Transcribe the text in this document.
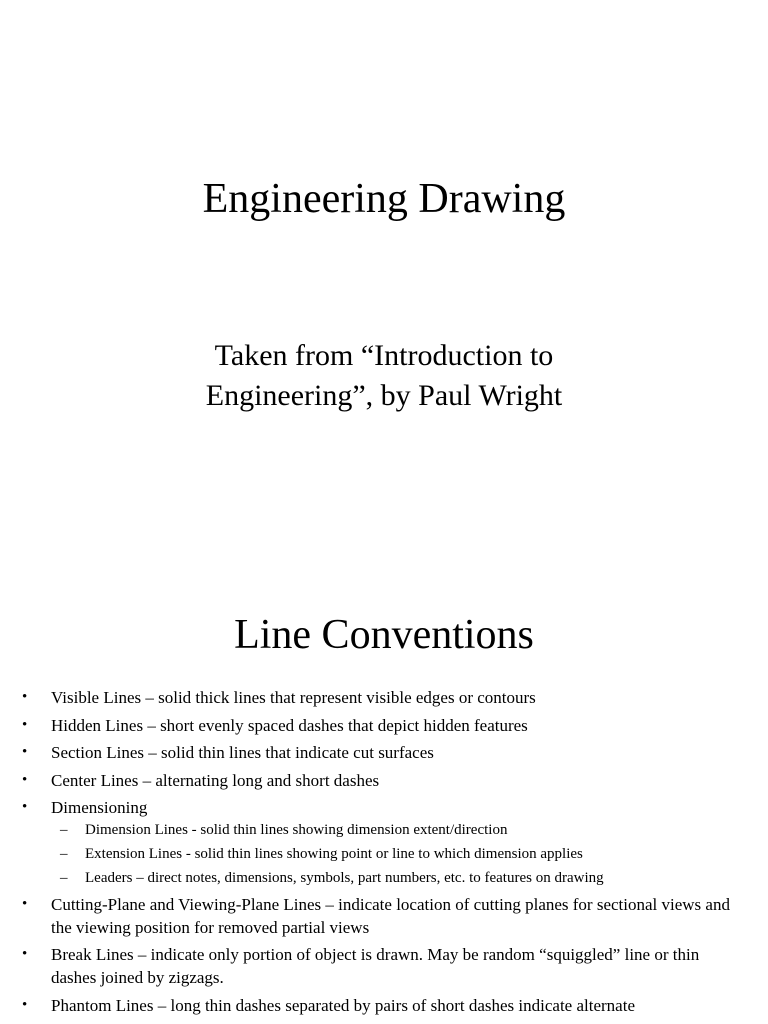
Engineering Drawing
Taken from “Introduction to
Engineering”, by Paul Wright
Line Conventions
• Visible Lines – solid thick lines that represent visible edges or contours
• Hidden Lines – short evenly spaced dashes that depict hidden features
• Section Lines – solid thin lines that indicate cut surfaces
• Center Lines – alternating long and short dashes
• Dimensioning
– Dimension Lines - solid thin lines showing dimension extent/direction
– Extension Lines - solid thin lines showing point or line to which dimension applies
– Leaders – direct notes, dimensions, symbols, part numbers, etc. to features on drawing
• Cutting-Plane and Viewing-Plane Lines – indicate location of cutting planes for sectional views and the viewing position for removed partial views
• Break Lines – indicate only portion of object is drawn. May be random “squiggled” line or thin dashes joined by zigzags.
• Phantom Lines – long thin dashes separated by pairs of short dashes indicate alternate
